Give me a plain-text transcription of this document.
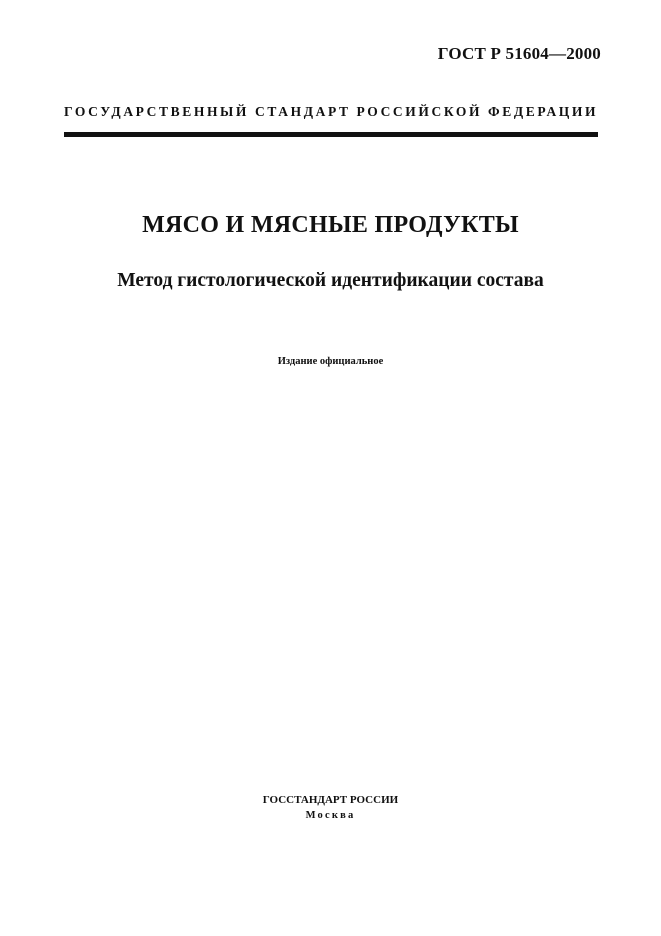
ГОСТ Р 51604—2000
ГОСУДАРСТВЕННЫЙ СТАНДАРТ РОССИЙСКОЙ ФЕДЕРАЦИИ
МЯСО И МЯСНЫЕ ПРОДУКТЫ
Метод гистологической идентификации состава
Издание официальное
ГОССТАНДАРТ РОССИИ
Москва
